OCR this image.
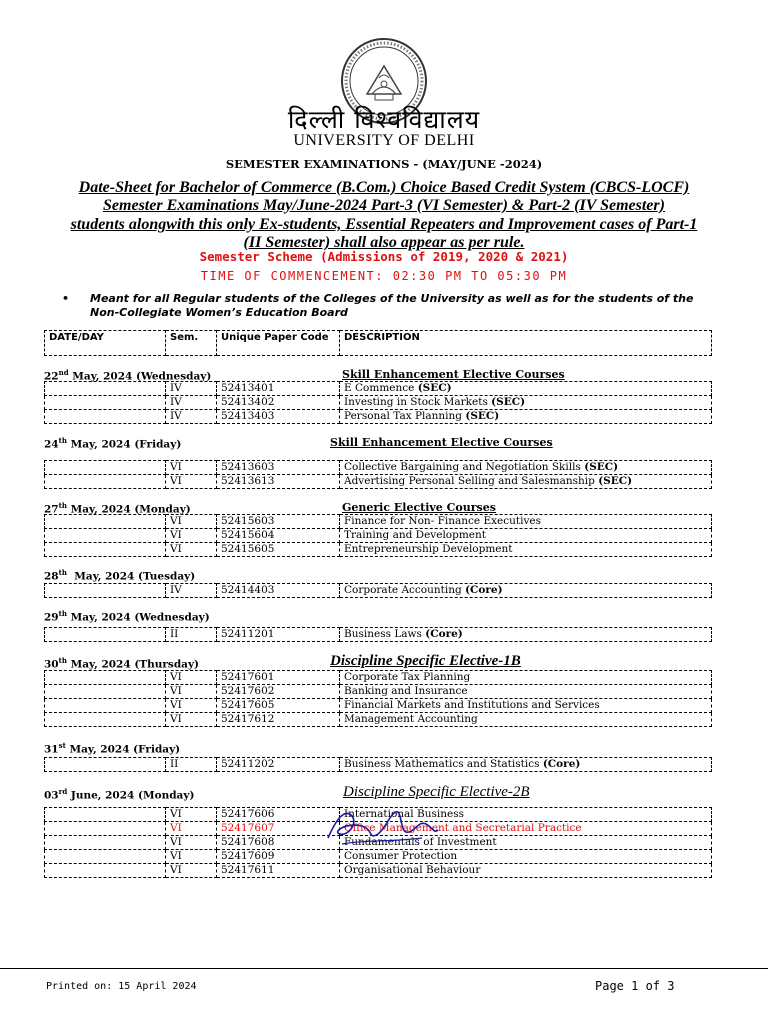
दिल्ली विश्वविद्यालय
UNIVERSITY OF DELHI
SEMESTER EXAMINATIONS - (MAY/JUNE -2024)
Date-Sheet for Bachelor of Commerce (B.Com.) Choice Based Credit System (CBCS-LOCF)
Semester Examinations May/June-2024 Part-3 (VI Semester) & Part-2 (IV Semester)
students alongwith this only Ex-students, Essential Repeaters and Improvement cases of Part-1
(II Semester) shall also appear as per rule.
Semester Scheme (Admissions of 2019, 2020 & 2021)
TIME OF COMMENCEMENT: 02:30 PM TO 05:30 PM
• Meant for all Regular students of the Colleges of the University as well as for the students of the Non-Collegiate Women’s Education Board

DATE/DAY	Sem.	Unique Paper Code	DESCRIPTION
22nd May, 2024 (Wednesday)	Skill Enhancement Elective Courses
	IV	52413401	E Commence (SEC)
	IV	52413402	Investing in Stock Markets (SEC)
	IV	52413403	Personal Tax Planning (SEC)
24th May, 2024 (Friday)	Skill Enhancement Elective Courses
	VI	52413603	Collective Bargaining and Negotiation Skills (SEC)
	VI	52413613	Advertising Personal Selling and Salesmanship (SEC)
27th May, 2024 (Monday)	Generic Elective Courses
	VI	52415603	Finance for Non- Finance Executives
	VI	52415604	Training and Development
	VI	52415605	Entrepreneurship Development
28th  May, 2024 (Tuesday)
	IV	52414403	Corporate Accounting (Core)
29th May, 2024 (Wednesday)
	II	52411201	Business Laws (Core)
30th May, 2024 (Thursday)	Discipline Specific Elective-1B
	VI	52417601	Corporate Tax Planning
	VI	52417602	Banking and Insurance
	VI	52417605	Financial Markets and Institutions and Services
	VI	52417612	Management Accounting
31st May, 2024 (Friday)
	II	52411202	Business Mathematics and Statistics (Core)
03rd June, 2024 (Monday)	Discipline Specific Elective-2B
	VI	52417606	International Business
	VI	52417607	Office Management and Secretarial Practice
	VI	52417608	Fundamentals of Investment
	VI	52417609	Consumer Protection
	VI	52417611	Organisational Behaviour
Printed on: 15 April 2024	Page 1 of 3
